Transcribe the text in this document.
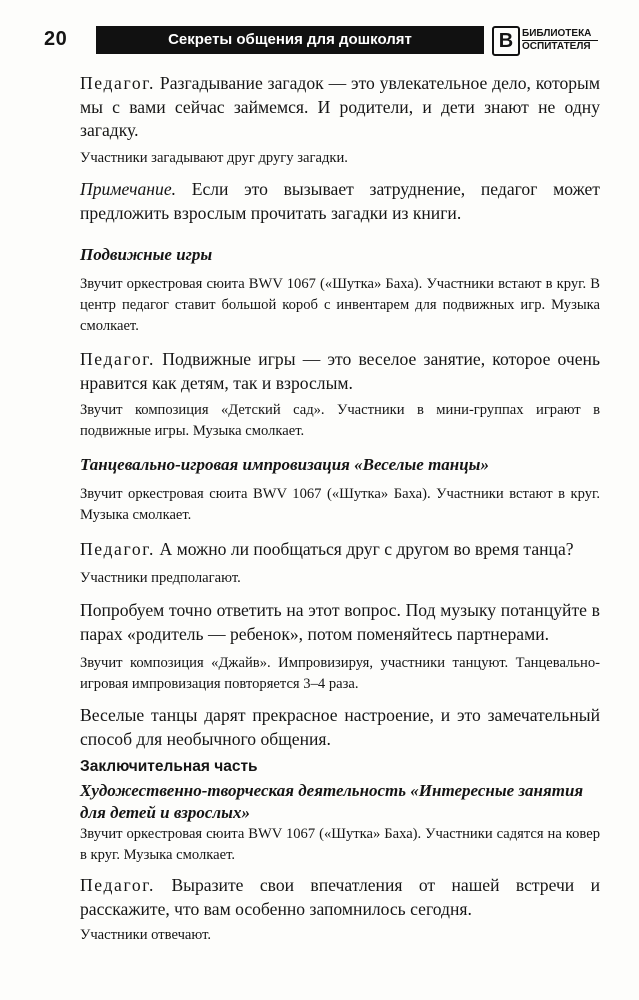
20	Секреты общения для дошколят	B БИБЛИОТЕКА
ОСПИТАТЕЛЯ

Педагог. Разгадывание загадок — это увлекательное дело, которым мы с вами сейчас займемся. И родители, и дети знают не одну загадку.

Участники загадывают друг другу загадки.

Примечание. Если это вызывает затруднение, педагог может предложить взрослым прочитать загадки из книги.

Подвижные игры

Звучит оркестровая сюита BWV 1067 («Шутка» Баха). Участники встают в круг. В центр педагог ставит большой короб с инвентарем для подвижных игр. Музыка смолкает.

Педагог. Подвижные игры — это веселое занятие, которое очень нравится как детям, так и взрослым.

Звучит композиция «Детский сад». Участники в мини-группах играют в подвижные игры. Музыка смолкает.

Танцевально-игровая импровизация «Веселые танцы»

Звучит оркестровая сюита BWV 1067 («Шутка» Баха). Участники встают в круг. Музыка смолкает.

Педагог. А можно ли пообщаться друг с другом во время танца?

Участники предполагают.

Попробуем точно ответить на этот вопрос. Под музыку потанцуйте в парах «родитель — ребенок», потом поменяйтесь партнерами.

Звучит композиция «Джайв». Импровизируя, участники танцуют. Танцевально-игровая импровизация повторяется 3–4 раза.

Веселые танцы дарят прекрасное настроение, и это замечательный способ для необычного общения.

Заключительная часть

Художественно-творческая деятельность «Интересные занятия для детей и взрослых»

Звучит оркестровая сюита BWV 1067 («Шутка» Баха). Участники садятся на ковер в круг. Музыка смолкает.

Педагог. Выразите свои впечатления от нашей встречи и расскажите, что вам особенно запомнилось сегодня.

Участники отвечают.
